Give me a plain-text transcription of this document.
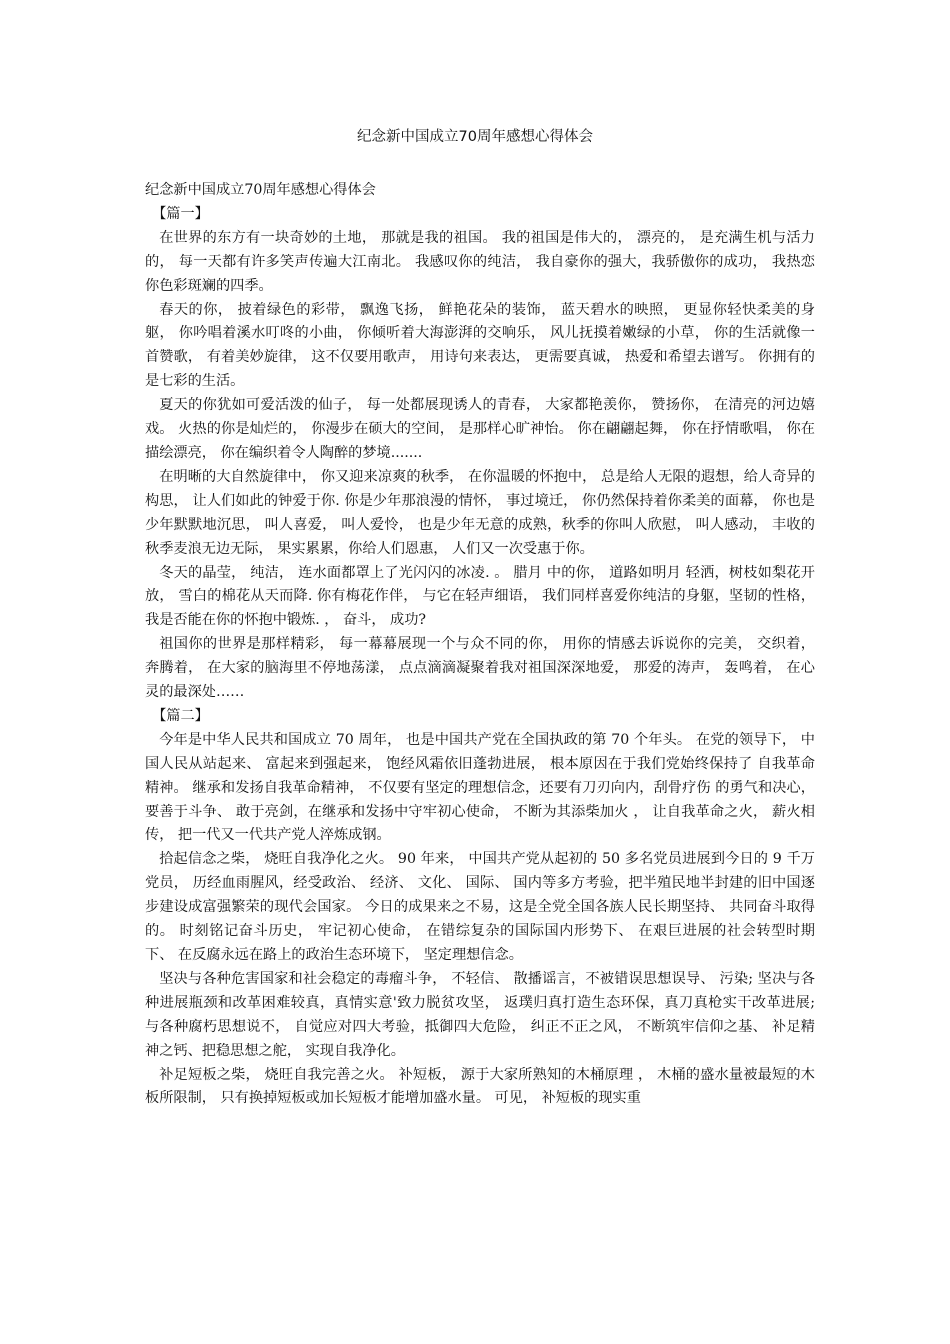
纪念新中国成立70周年感想心得体会

纪念新中国成立70周年感想心得体会

【篇一】

在世界的东方有一块奇妙的土地， 那就是我的祖国。 我的祖国是伟大的， 漂亮的， 是充满生机与活力的， 每一天都有许多笑声传遍大江南北。 我感叹你的纯洁， 我自豪你的强大，我骄傲你的成功， 我热恋你色彩斑斓的四季。

春天的你， 披着绿色的彩带， 飘逸飞扬， 鲜艳花朵的装饰， 蓝天碧水的映照， 更显你轻快柔美的身躯， 你吟唱着溪水叮咚的小曲， 你倾听着大海澎湃的交响乐， 风儿抚摸着嫩绿的小草， 你的生活就像一首赞歌， 有着美妙旋律， 这不仅要用歌声， 用诗句来表达， 更需要真诚， 热爱和希望去谱写。 你拥有的是七彩的生活。

夏天的你犹如可爱活泼的仙子， 每一处都展现诱人的青春， 大家都艳羡你， 赞扬你， 在清亮的河边嬉戏。 火热的你是灿烂的， 你漫步在硕大的空间， 是那样心旷神怡。 你在翩翩起舞， 你在抒情歌唱， 你在描绘漂亮， 你在编织着令人陶醉的梦境.......

在明晰的大自然旋律中， 你又迎来凉爽的秋季， 在你温暖的怀抱中， 总是给人无限的遐想，给人奇异的构思， 让人们如此的钟爱于你. 你是少年那浪漫的情怀， 事过境迁， 你仍然保持着你柔美的面幕， 你也是少年默默地沉思， 叫人喜爱， 叫人爱怜， 也是少年无意的成熟，秋季的你叫人欣慰， 叫人感动， 丰收的秋季麦浪无边无际， 果实累累，你给人们恩惠， 人们又一次受惠于你。

冬天的晶莹， 纯洁， 连水面都罩上了光闪闪的冰凌. 。 腊月 中的你， 道路如明月 轻洒，树枝如梨花开放， 雪白的棉花从天而降. 你有梅花作伴， 与它在轻声细语， 我们同样喜爱你纯洁的身躯，坚韧的性格， 我是否能在你的怀抱中锻炼. ， 奋斗， 成功?

祖国你的世界是那样精彩， 每一幕幕展现一个与众不同的你， 用你的情感去诉说你的完美， 交织着， 奔腾着， 在大家的脑海里不停地荡漾， 点点滴滴凝聚着我对祖国深深地爱， 那爱的涛声， 轰鸣着， 在心灵的最深处……

【篇二】

今年是中华人民共和国成立 70 周年， 也是中国共产党在全国执政的第 70 个年头。 在党的领导下， 中国人民从站起来、 富起来到强起来， 饱经风霜依旧蓬勃进展， 根本原因在于我们党始终保持了 自我革命精神。 继承和发扬自我革命精神， 不仅要有坚定的理想信念，还要有刀刃向内，刮骨疗伤 的勇气和决心， 要善于斗争、 敢于亮剑，在继承和发扬中守牢初心使命， 不断为其添柴加火 ， 让自我革命之火， 薪火相传， 把一代又一代共产党人淬炼成钢。

拾起信念之柴， 烧旺自我净化之火。 90 年来， 中国共产党从起初的 50 多名党员进展到今日的 9 千万党员， 历经血雨腥风，经受政治、 经济、 文化、 国际、 国内等多方考验，把半殖民地半封建的旧中国逐步建设成富强繁荣的现代会国家。 今日的成果来之不易，这是全党全国各族人民长期坚持、 共同奋斗取得的。 时刻铭记奋斗历史， 牢记初心使命， 在错综复杂的国际国内形势下、 在艰巨进展的社会转型时期下、 在反腐永远在路上的政治生态环境下， 坚定理想信念。

坚决与各种危害国家和社会稳定的毒瘤斗争， 不轻信、 散播谣言，不被错误思想误导、 污染; 坚决与各种进展瓶颈和改革困难较真，真情实意'致力脱贫攻坚， 返璞归真打造生态环保，真刀真枪实干改革进展; 与各种腐朽思想说不， 自觉应对四大考验，抵御四大危险， 纠正不正之风， 不断筑牢信仰之基、 补足精神之钙、把稳思想之舵， 实现自我净化。

补足短板之柴， 烧旺自我完善之火。 补短板， 源于大家所熟知的木桶原理 ， 木桶的盛水量被最短的木板所限制， 只有换掉短板或加长短板才能增加盛水量。 可见， 补短板的现实重
